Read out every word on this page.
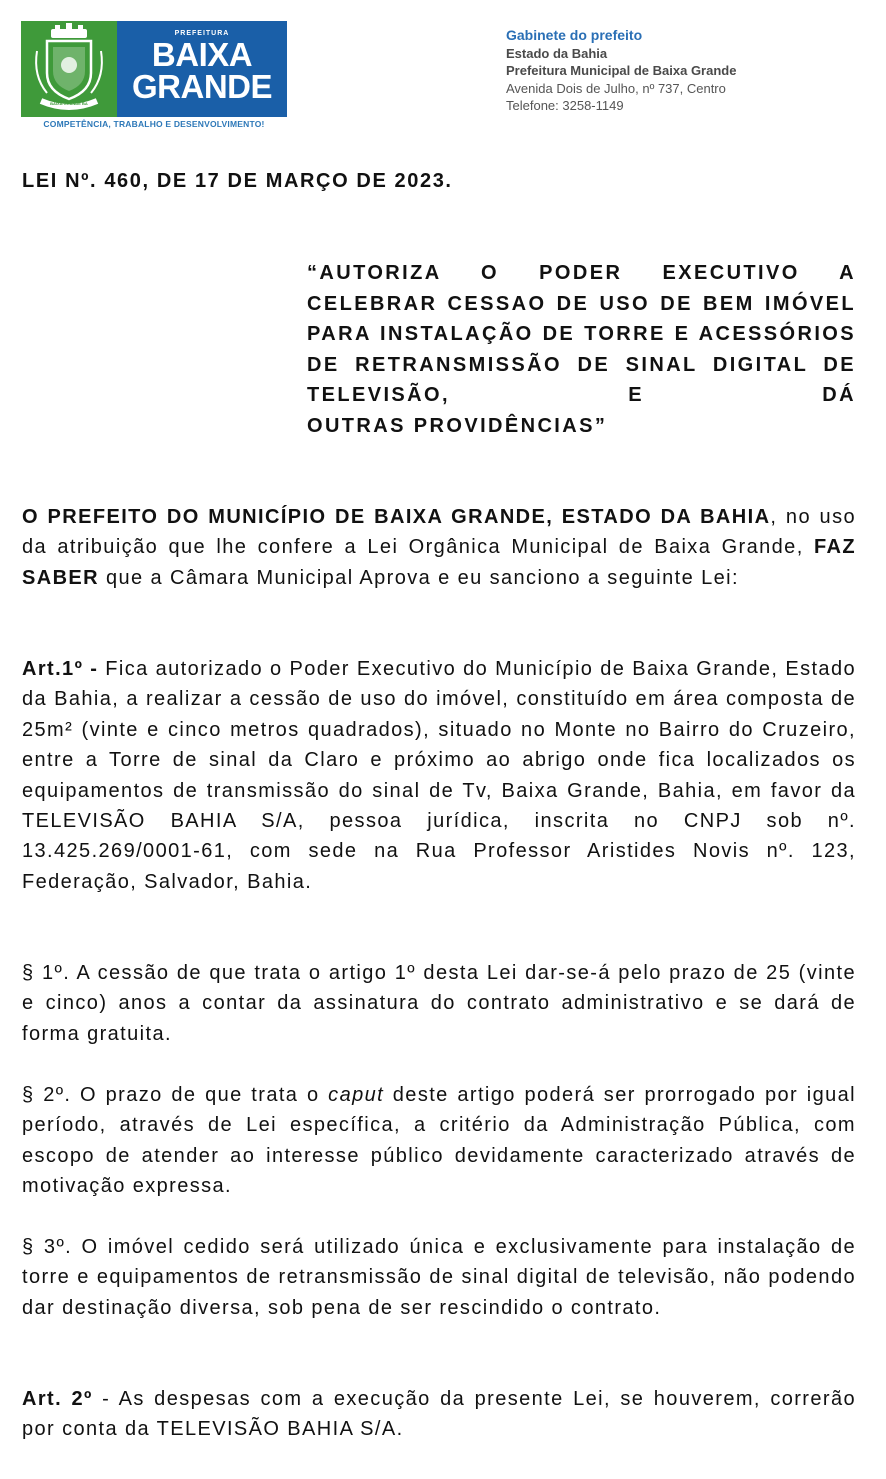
BAIXA GRANDE BA
PREFEITURA
BAIXA
GRANDE
COMPETÊNCIA, TRABALHO E DESENVOLVIMENTO!
Gabinete do prefeito
Estado da Bahia
Prefeitura Municipal de Baixa Grande
Avenida Dois de Julho, nº 737, Centro
Telefone: 3258-1149
LEI Nº. 460, DE 17 DE MARÇO DE 2023.
“AUTORIZA O PODER EXECUTIVO A CELEBRAR CESSAO DE USO DE BEM IMÓVEL PARA INSTALAÇÃO DE TORRE E ACESSÓRIOS DE RETRANSMISSÃO DE SINAL DIGITAL DE TELEVISÃO, E DÁ
OUTRAS PROVIDÊNCIAS”
O PREFEITO DO MUNICÍPIO DE BAIXA GRANDE, ESTADO DA BAHIA, no uso da atribuição que lhe confere a Lei Orgânica Municipal de Baixa Grande, FAZ SABER que a Câmara Municipal Aprova e eu sanciono a seguinte Lei:
Art.1º - Fica autorizado o Poder Executivo do Município de Baixa Grande, Estado da Bahia, a realizar a cessão de uso do imóvel, constituído em área composta de 25m² (vinte e cinco metros quadrados), situado no Monte no Bairro do Cruzeiro, entre a Torre de sinal da Claro e próximo ao abrigo onde fica localizados os equipamentos de transmissão do sinal de Tv, Baixa Grande, Bahia, em favor da TELEVISÃO BAHIA S/A, pessoa jurídica, inscrita no CNPJ sob nº. 13.425.269/0001-61, com sede na Rua Professor Aristides Novis nº. 123, Federação, Salvador, Bahia.
§ 1º. A cessão de que trata o artigo 1º desta Lei dar-se-á pelo prazo de 25 (vinte e cinco) anos a contar da assinatura do contrato administrativo e se dará de forma gratuita.
§ 2º. O prazo de que trata o caput deste artigo poderá ser prorrogado por igual período, através de Lei específica, a critério da Administração Pública, com escopo de atender ao interesse público devidamente caracterizado através de motivação expressa.
§ 3º. O imóvel cedido será utilizado única e exclusivamente para instalação de torre e equipamentos de retransmissão de sinal digital de televisão, não podendo dar destinação diversa, sob pena de ser rescindido o contrato.
Art. 2º - As despesas com a execução da presente Lei, se houverem, correrão por conta da TELEVISÃO BAHIA S/A.
